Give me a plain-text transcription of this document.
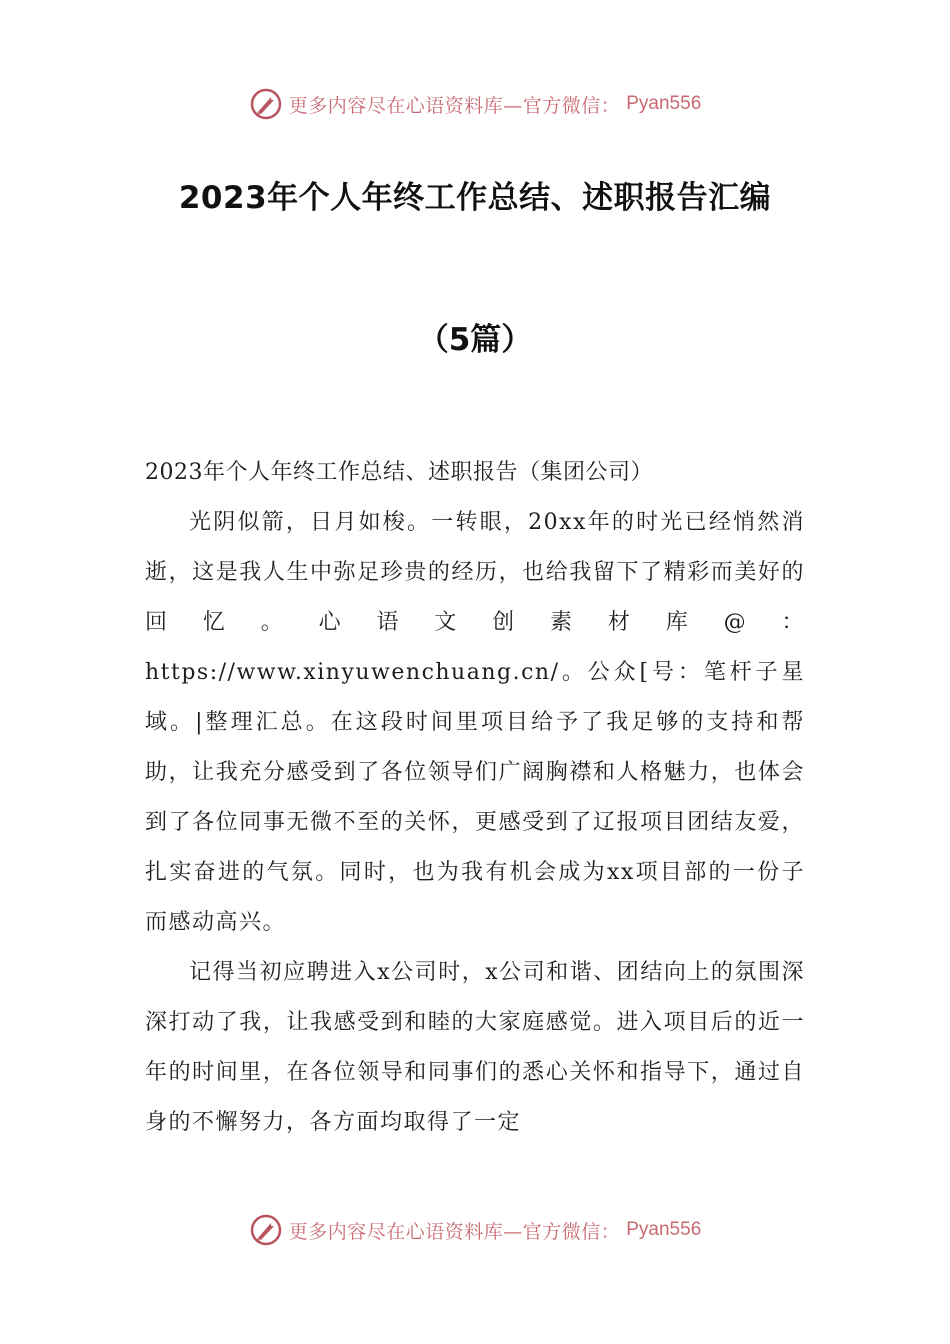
更多内容尽在心语资料库—官方微信： Pyan556
2023年个人年终工作总结、述职报告汇编
（5篇）

2023年个人年终工作总结、述职报告（集团公司）

光阴似箭，日月如梭。一转眼，20xx年的时光已经悄然消逝，这是我人生中弥足珍贵的经历，也给我留下了精彩而美好的回忆。心语文创素材库@：https://www.xinyuwenchuang.cn/。公众[号：笔杆子星域。|整理汇总。在这段时间里项目给予了我足够的支持和帮助，让我充分感受到了各位领导们广阔胸襟和人格魅力，也体会到了各位同事无微不至的关怀，更感受到了辽报项目团结友爱，扎实奋进的气氛。同时，也为我有机会成为xx项目部的一份子而感动高兴。

记得当初应聘进入x公司时，x公司和谐、团结向上的氛围深深打动了我，让我感受到和睦的大家庭感觉。进入项目后的近一年的时间里，在各位领导和同事们的悉心关怀和指导下，通过自身的不懈努力，各方面均取得了一定

更多内容尽在心语资料库—官方微信： Pyan556
